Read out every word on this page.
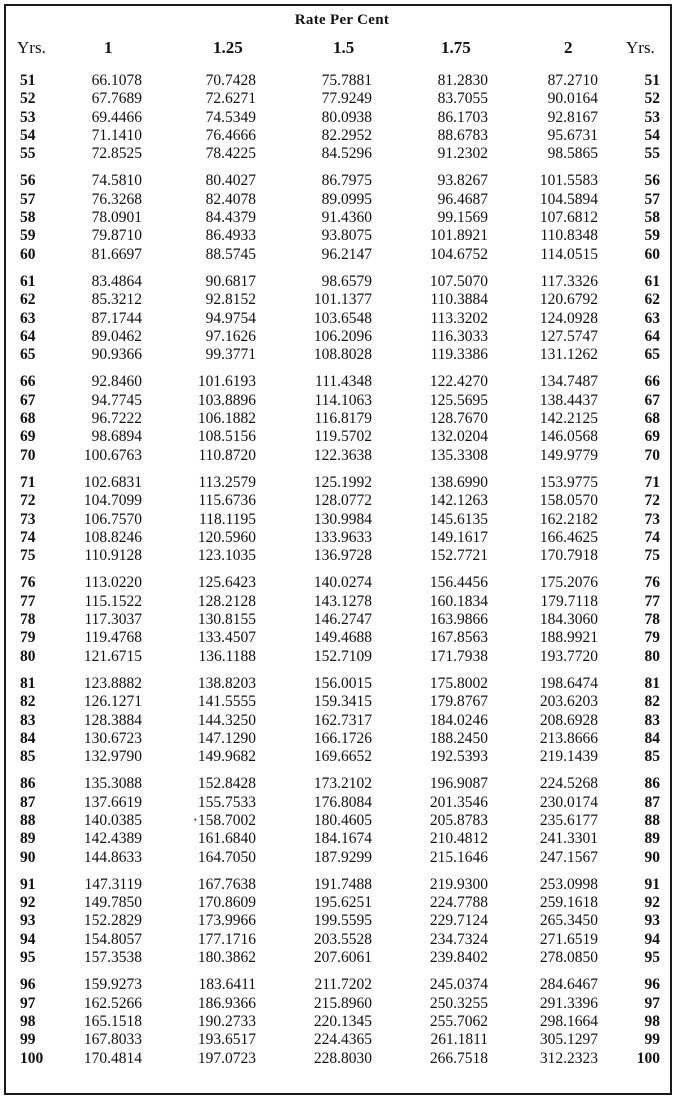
Rate Per Cent
Yrs.	1	1.25	1.5	1.75	2	Yrs.
51	66.1078	70.7428	75.7881	81.2830	87.2710	51
52	67.7689	72.6271	77.9249	83.7055	90.0164	52
53	69.4466	74.5349	80.0938	86.1703	92.8167	53
54	71.1410	76.4666	82.2952	88.6783	95.6731	54
55	72.8525	78.4225	84.5296	91.2302	98.5865	55
56	74.5810	80.4027	86.7975	93.8267	101.5583	56
57	76.3268	82.4078	89.0995	96.4687	104.5894	57
58	78.0901	84.4379	91.4360	99.1569	107.6812	58
59	79.8710	86.4933	93.8075	101.8921	110.8348	59
60	81.6697	88.5745	96.2147	104.6752	114.0515	60
61	83.4864	90.6817	98.6579	107.5070	117.3326	61
62	85.3212	92.8152	101.1377	110.3884	120.6792	62
63	87.1744	94.9754	103.6548	113.3202	124.0928	63
64	89.0462	97.1626	106.2096	116.3033	127.5747	64
65	90.9366	99.3771	108.8028	119.3386	131.1262	65
66	92.8460	101.6193	111.4348	122.4270	134.7487	66
67	94.7745	103.8896	114.1063	125.5695	138.4437	67
68	96.7222	106.1882	116.8179	128.7670	142.2125	68
69	98.6894	108.5156	119.5702	132.0204	146.0568	69
70	100.6763	110.8720	122.3638	135.3308	149.9779	70
71	102.6831	113.2579	125.1992	138.6990	153.9775	71
72	104.7099	115.6736	128.0772	142.1263	158.0570	72
73	106.7570	118.1195	130.9984	145.6135	162.2182	73
74	108.8246	120.5960	133.9633	149.1617	166.4625	74
75	110.9128	123.1035	136.9728	152.7721	170.7918	75
76	113.0220	125.6423	140.0274	156.4456	175.2076	76
77	115.1522	128.2128	143.1278	160.1834	179.7118	77
78	117.3037	130.8155	146.2747	163.9866	184.3060	78
79	119.4768	133.4507	149.4688	167.8563	188.9921	79
80	121.6715	136.1188	152.7109	171.7938	193.7720	80
81	123.8882	138.8203	156.0015	175.8002	198.6474	81
82	126.1271	141.5555	159.3415	179.8767	203.6203	82
83	128.3884	144.3250	162.7317	184.0246	208.6928	83
84	130.6723	147.1290	166.1726	188.2450	213.8666	84
85	132.9790	149.9682	169.6652	192.5393	219.1439	85
86	135.3088	152.8428	173.2102	196.9087	224.5268	86
87	137.6619	155.7533	176.8084	201.3546	230.0174	87
88	140.0385	·158.7002	180.4605	205.8783	235.6177	88
89	142.4389	161.6840	184.1674	210.4812	241.3301	89
90	144.8633	164.7050	187.9299	215.1646	247.1567	90
91	147.3119	167.7638	191.7488	219.9300	253.0998	91
92	149.7850	170.8609	195.6251	224.7788	259.1618	92
93	152.2829	173.9966	199.5595	229.7124	265.3450	93
94	154.8057	177.1716	203.5528	234.7324	271.6519	94
95	157.3538	180.3862	207.6061	239.8402	278.0850	95
96	159.9273	183.6411	211.7202	245.0374	284.6467	96
97	162.5266	186.9366	215.8960	250.3255	291.3396	97
98	165.1518	190.2733	220.1345	255.7062	298.1664	98
99	167.8033	193.6517	224.4365	261.1811	305.1297	99
100	170.4814	197.0723	228.8030	266.7518	312.2323	100
